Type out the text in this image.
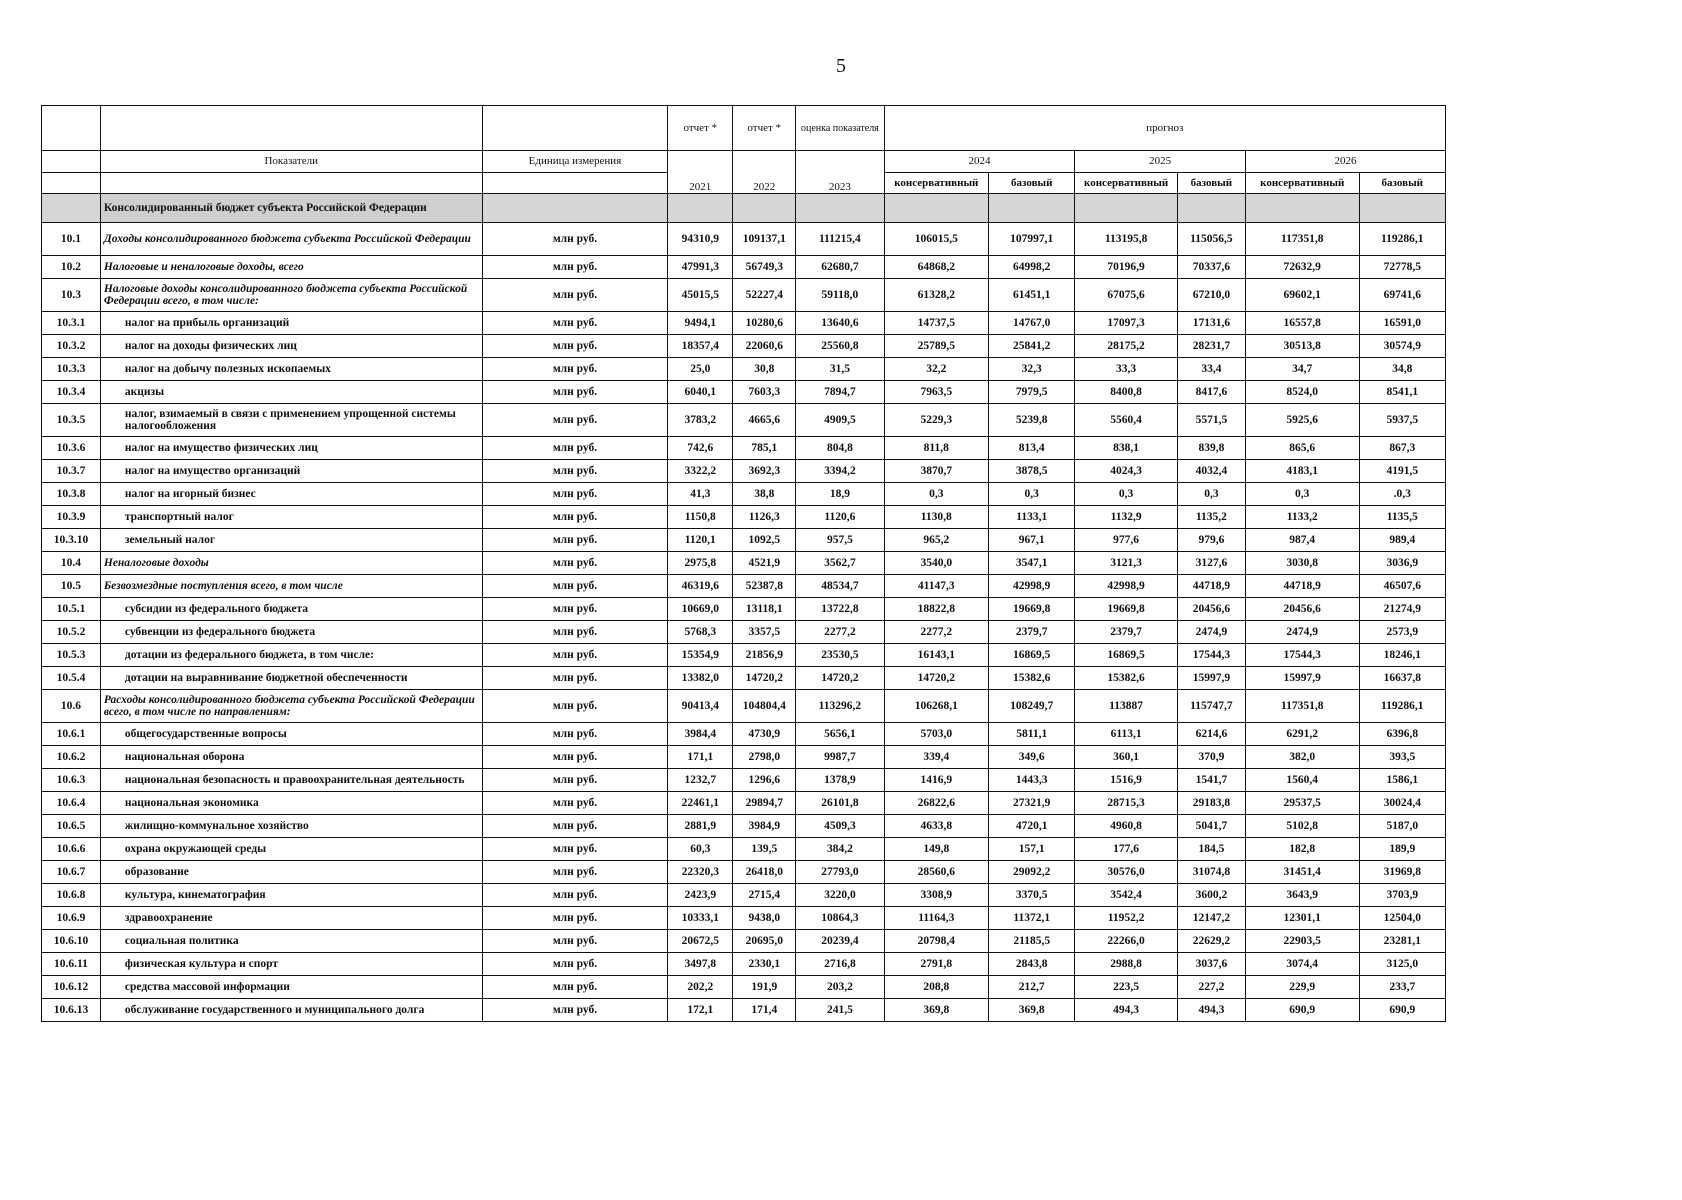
5
			отчет *	отчет *	оценка показателя	прогноз					
	Показатели	Единица измерения	2021	2022	2023	2024		2025		2026	
						консервативный	базовый	консервативный	базовый	консервативный	базовый
	Консолидированный бюджет субъекта Российской Федерации										
10.1	Доходы консолидированного бюджета субъекта Российской Федерации	млн руб.	94310,9	109137,1	111215,4	106015,5	107997,1	113195,8	115056,5	117351,8	119286,1
10.2	Налоговые и неналоговые доходы, всего	млн руб.	47991,3	56749,3	62680,7	64868,2	64998,2	70196,9	70337,6	72632,9	72778,5
10.3	Налоговые доходы консолидированного бюджета субъекта Российской Федерации всего, в том числе:	млн руб.	45015,5	52227,4	59118,0	61328,2	61451,1	67075,6	67210,0	69602,1	69741,6
10.3.1	налог на прибыль организаций	млн руб.	9494,1	10280,6	13640,6	14737,5	14767,0	17097,3	17131,6	16557,8	16591,0
10.3.2	налог на доходы физических лиц	млн руб.	18357,4	22060,6	25560,8	25789,5	25841,2	28175,2	28231,7	30513,8	30574,9
10.3.3	налог на добычу полезных ископаемых	млн руб.	25,0	30,8	31,5	32,2	32,3	33,3	33,4	34,7	34,8
10.3.4	акцизы	млн руб.	6040,1	7603,3	7894,7	7963,5	7979,5	8400,8	8417,6	8524,0	8541,1
10.3.5	налог, взимаемый в связи с применением упрощенной системы налогообложения	млн руб.	3783,2	4665,6	4909,5	5229,3	5239,8	5560,4	5571,5	5925,6	5937,5
10.3.6	налог на имущество физических лиц	млн руб.	742,6	785,1	804,8	811,8	813,4	838,1	839,8	865,6	867,3
10.3.7	налог на имущество организаций	млн руб.	3322,2	3692,3	3394,2	3870,7	3878,5	4024,3	4032,4	4183,1	4191,5
10.3.8	налог на игорный бизнес	млн руб.	41,3	38,8	18,9	0,3	0,3	0,3	0,3	0,3	.0,3
10.3.9	транспортный налог	млн руб.	1150,8	1126,3	1120,6	1130,8	1133,1	1132,9	1135,2	1133,2	1135,5
10.3.10	земельный налог	млн руб.	1120,1	1092,5	957,5	965,2	967,1	977,6	979,6	987,4	989,4
10.4	Неналоговые доходы	млн руб.	2975,8	4521,9	3562,7	3540,0	3547,1	3121,3	3127,6	3030,8	3036,9
10.5	Безвозмездные поступления всего, в том числе	млн руб.	46319,6	52387,8	48534,7	41147,3	42998,9	42998,9	44718,9	44718,9	46507,6
10.5.1	субсидии из федерального бюджета	млн руб.	10669,0	13118,1	13722,8	18822,8	19669,8	19669,8	20456,6	20456,6	21274,9
10.5.2	субвенции из федерального бюджета	млн руб.	5768,3	3357,5	2277,2	2277,2	2379,7	2379,7	2474,9	2474,9	2573,9
10.5.3	дотации из федерального бюджета, в том числе:	млн руб.	15354,9	21856,9	23530,5	16143,1	16869,5	16869,5	17544,3	17544,3	18246,1
10.5.4	дотации на выравнивание бюджетной обеспеченности	млн руб.	13382,0	14720,2	14720,2	14720,2	15382,6	15382,6	15997,9	15997,9	16637,8
10.6	Расходы консолидированного бюджета субъекта Российской Федерации всего, в том числе по направлениям:	млн руб.	90413,4	104804,4	113296,2	106268,1	108249,7	113887	115747,7	117351,8	119286,1
10.6.1	общегосударственные вопросы	млн руб.	3984,4	4730,9	5656,1	5703,0	5811,1	6113,1	6214,6	6291,2	6396,8
10.6.2	национальная оборона	млн руб.	171,1	2798,0	9987,7	339,4	349,6	360,1	370,9	382,0	393,5
10.6.3	национальная безопасность и правоохранительная деятельность	млн руб.	1232,7	1296,6	1378,9	1416,9	1443,3	1516,9	1541,7	1560,4	1586,1
10.6.4	национальная экономика	млн руб.	22461,1	29894,7	26101,8	26822,6	27321,9	28715,3	29183,8	29537,5	30024,4
10.6.5	жилищно-коммунальное хозяйство	млн руб.	2881,9	3984,9	4509,3	4633,8	4720,1	4960,8	5041,7	5102,8	5187,0
10.6.6	охрана окружающей среды	млн руб.	60,3	139,5	384,2	149,8	157,1	177,6	184,5	182,8	189,9
10.6.7	образование	млн руб.	22320,3	26418,0	27793,0	28560,6	29092,2	30576,0	31074,8	31451,4	31969,8
10.6.8	культура, кинематография	млн руб.	2423,9	2715,4	3220,0	3308,9	3370,5	3542,4	3600,2	3643,9	3703,9
10.6.9	здравоохранение	млн руб.	10333,1	9438,0	10864,3	11164,3	11372,1	11952,2	12147,2	12301,1	12504,0
10.6.10	социальная политика	млн руб.	20672,5	20695,0	20239,4	20798,4	21185,5	22266,0	22629,2	22903,5	23281,1
10.6.11	физическая культура и спорт	млн руб.	3497,8	2330,1	2716,8	2791,8	2843,8	2988,8	3037,6	3074,4	3125,0
10.6.12	средства массовой информации	млн руб.	202,2	191,9	203,2	208,8	212,7	223,5	227,2	229,9	233,7
10.6.13	обслуживание государственного и муниципального долга	млн руб.	172,1	171,4	241,5	369,8	369,8	494,3	494,3	690,9	690,9
